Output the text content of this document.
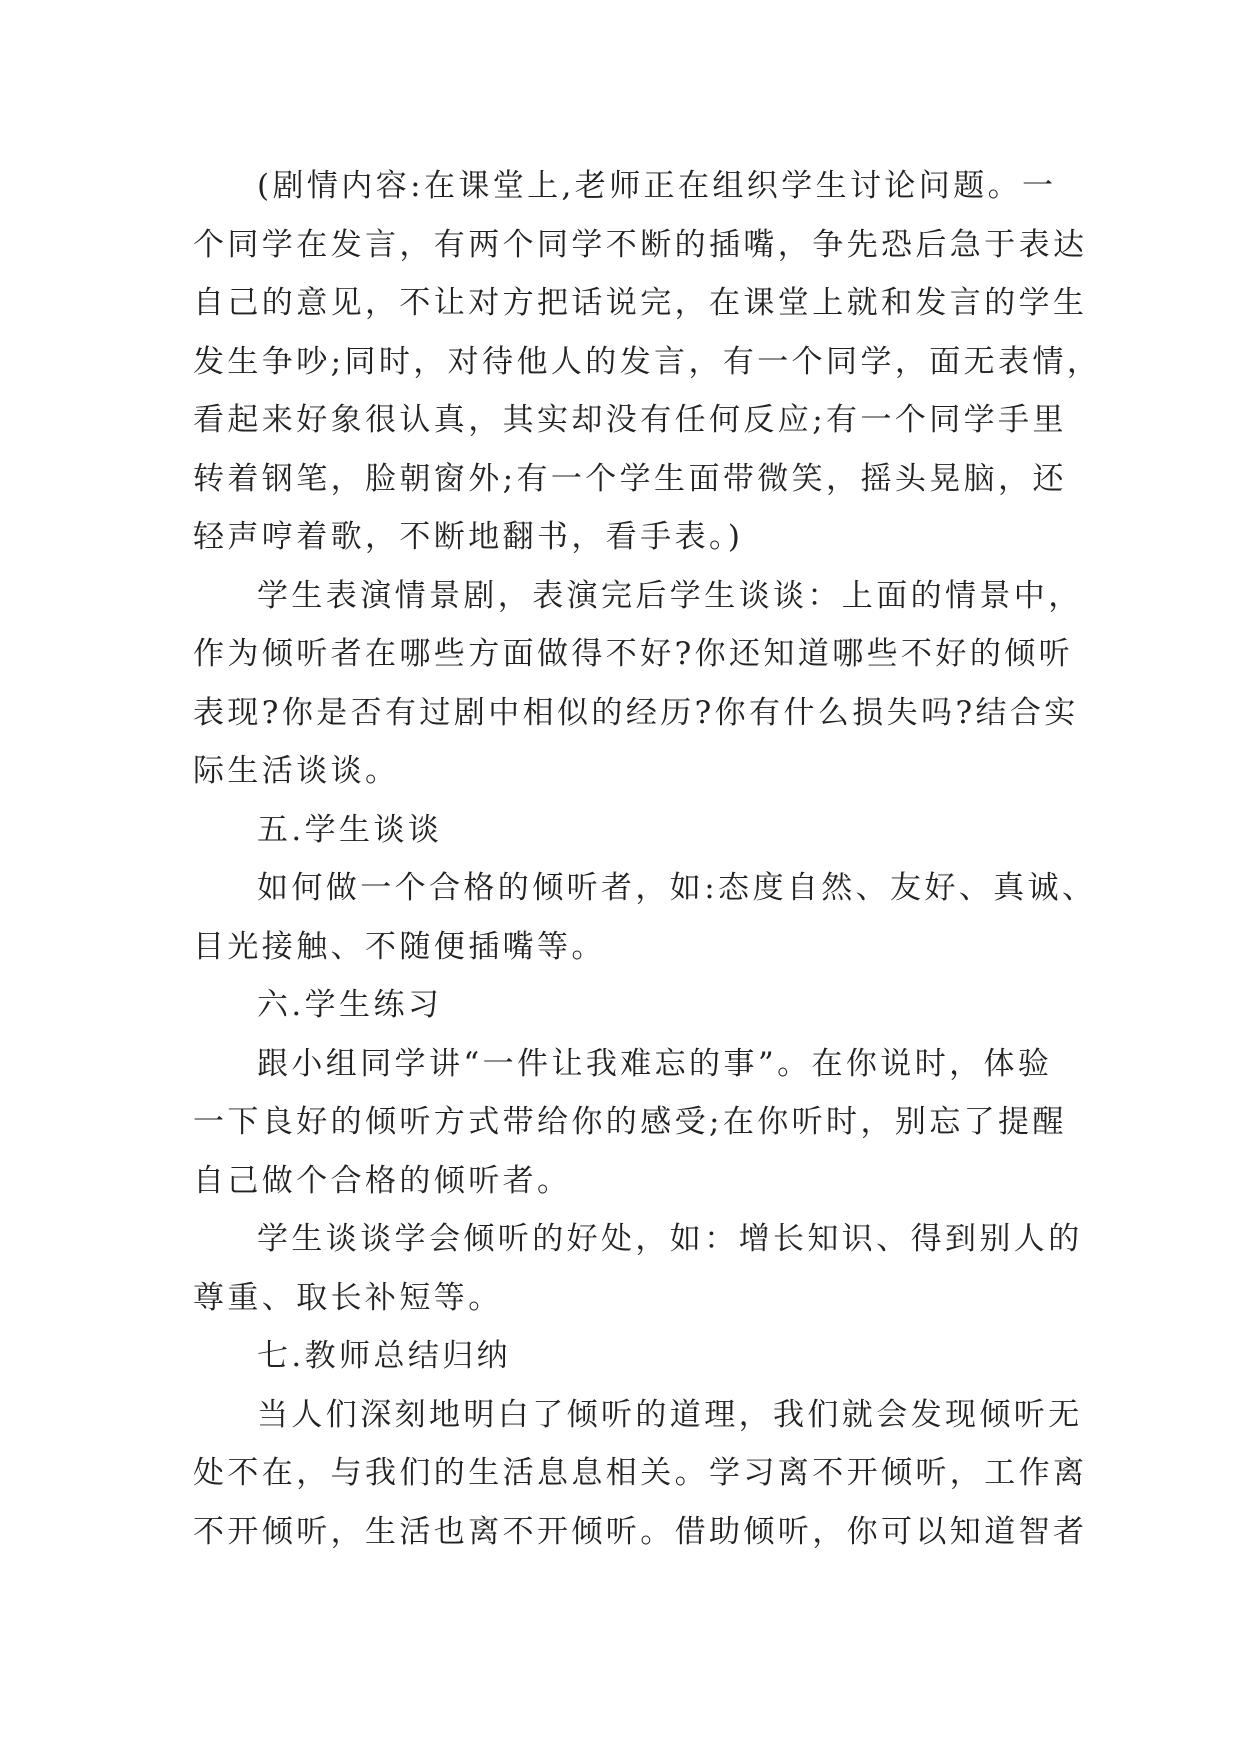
(剧情内容:在课堂上,老师正在组织学生讨论问题。一
个同学在发言，有两个同学不断的插嘴，争先恐后急于表达
自己的意见，不让对方把话说完，在课堂上就和发言的学生
发生争吵;同时，对待他人的发言，有一个同学，面无表情，
看起来好象很认真，其实却没有任何反应;有一个同学手里
转着钢笔，脸朝窗外;有一个学生面带微笑，摇头晃脑，还
轻声哼着歌，不断地翻书，看手表。)
学生表演情景剧，表演完后学生谈谈：上面的情景中，
作为倾听者在哪些方面做得不好?你还知道哪些不好的倾听
表现?你是否有过剧中相似的经历?你有什么损失吗?结合实
际生活谈谈。
五.学生谈谈
如何做一个合格的倾听者，如:态度自然、友好、真诚、
目光接触、不随便插嘴等。
六.学生练习
跟小组同学讲“一件让我难忘的事”。在你说时，体验
一下良好的倾听方式带给你的感受;在你听时，别忘了提醒
自己做个合格的倾听者。
学生谈谈学会倾听的好处，如：增长知识、得到别人的
尊重、取长补短等。
七.教师总结归纳
当人们深刻地明白了倾听的道理，我们就会发现倾听无
处不在，与我们的生活息息相关。学习离不开倾听，工作离
不开倾听，生活也离不开倾听。借助倾听，你可以知道智者
